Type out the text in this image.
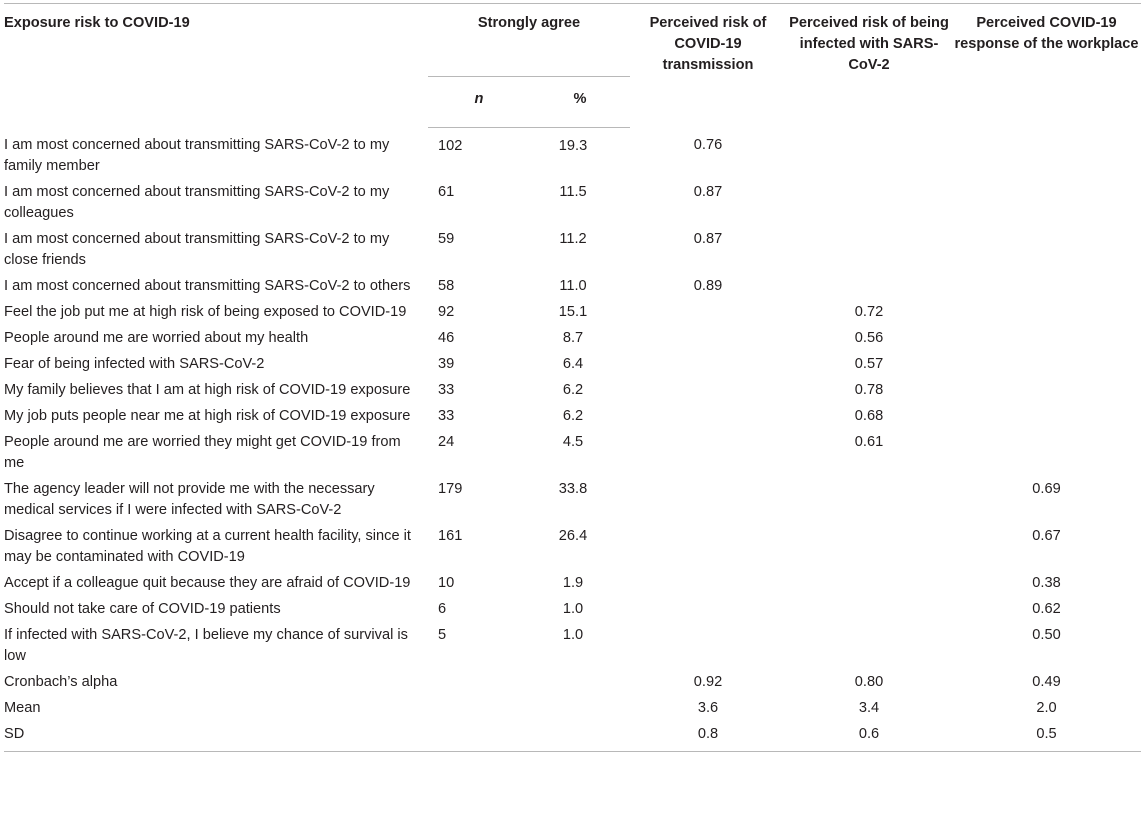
Exposure risk to COVID-19	Strongly agree		Perceived risk of COVID-19 transmission	Perceived risk of being infected with SARS-CoV-2	Perceived COVID-19 response of the workplace
	n	%			
I am most concerned about transmitting SARS-CoV-2 to my family member	102	19.3	0.76		
I am most concerned about transmitting SARS-CoV-2 to my colleagues	61	11.5	0.87		
I am most concerned about transmitting SARS-CoV-2 to my close friends	59	11.2	0.87		
I am most concerned about transmitting SARS-CoV-2 to others	58	11.0	0.89		
Feel the job put me at high risk of being exposed to COVID-19	92	15.1		0.72	
People around me are worried about my health	46	8.7		0.56	
Fear of being infected with SARS-CoV-2	39	6.4		0.57	
My family believes that I am at high risk of COVID-19 exposure	33	6.2		0.78	
My job puts people near me at high risk of COVID-19 exposure	33	6.2		0.68	
People around me are worried they might get COVID-19 from me	24	4.5		0.61	
The agency leader will not provide me with the necessary medical services if I were infected with SARS-CoV-2	179	33.8			0.69
Disagree to continue working at a current health facility, since it may be contaminated with COVID-19	161	26.4			0.67
Accept if a colleague quit because they are afraid of COVID-19	10	1.9			0.38
Should not take care of COVID-19 patients	6	1.0			0.62
If infected with SARS-CoV-2, I believe my chance of survival is low	5	1.0			0.50
Cronbach’s alpha			0.92	0.80	0.49
Mean			3.6	3.4	2.0
SD			0.8	0.6	0.5
